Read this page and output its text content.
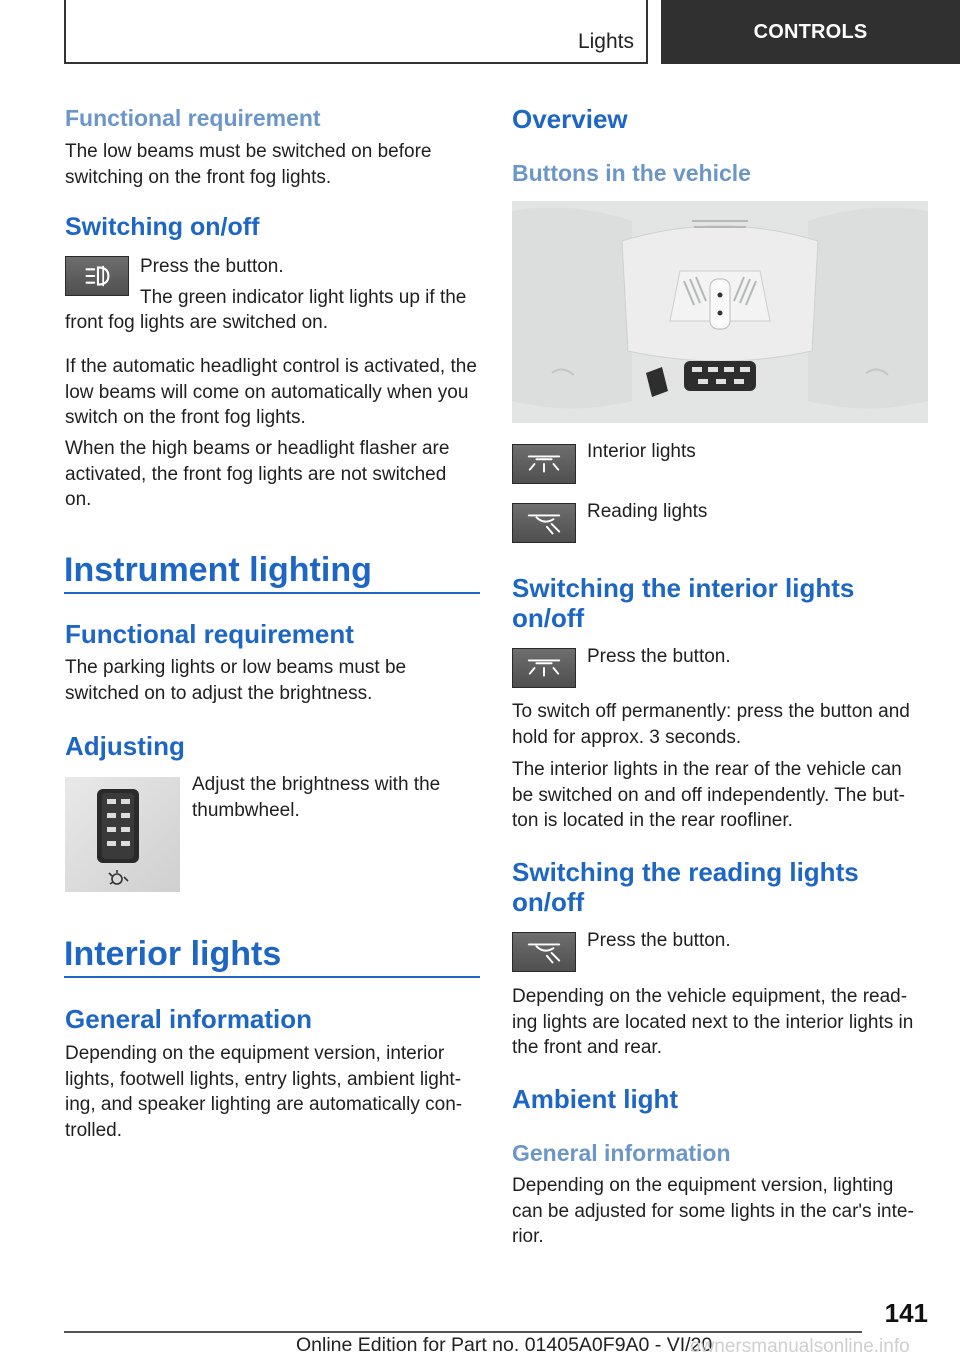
Lights	CONTROLS
Functional requirement
The low beams must be switched on before switching on the front fog lights.
Switching on/off
Press the button.
The green indicator light lights up if the
front fog lights are switched on.
If the automatic headlight control is activated, the low beams will come on automatically when you switch on the front fog lights.
When the high beams or headlight flasher are activated, the front fog lights are not switched on.
Instrument lighting
Functional requirement
The parking lights or low beams must be switched on to adjust the brightness.
Adjusting
Adjust the brightness with the thumbwheel.
Interior lights
General information
Depending on the equipment version, interior lights, footwell lights, entry lights, ambient lighting, and speaker lighting are automatically controlled.
Overview
Buttons in the vehicle
Interior lights
Reading lights
Switching the interior lights on/off
Press the button.
To switch off permanently: press the button and hold for approx. 3 seconds.
The interior lights in the rear of the vehicle can be switched on and off independently. The button is located in the rear roofliner.
Switching the reading lights on/off
Press the button.
Depending on the vehicle equipment, the reading lights are located next to the interior lights in the front and rear.
Ambient light
General information
Depending on the equipment version, lighting can be adjusted for some lights in the car's interior.
141
Online Edition for Part no. 01405A0F9A0 - VI/20
ownersmanualsonline.info
